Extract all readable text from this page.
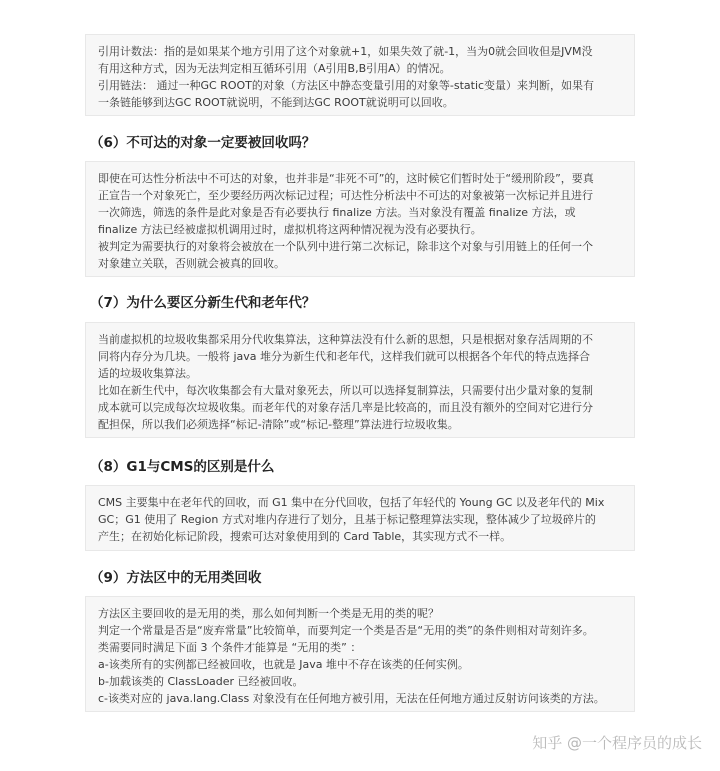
引用计数法：指的是如果某个地方引用了这个对象就+1，如果失效了就-1，当为0就会回收但是JVM没
有用这种方式，因为无法判定相互循环引用（A引用B,B引用A）的情况。
引用链法： 通过一种GC ROOT的对象（方法区中静态变量引用的对象等-static变量）来判断，如果有
一条链能够到达GC ROOT就说明，不能到达GC ROOT就说明可以回收。
（6）不可达的对象一定要被回收吗？
即使在可达性分析法中不可达的对象，也并非是“非死不可”的，这时候它们暂时处于“缓刑阶段”，要真
正宣告一个对象死亡，至少要经历两次标记过程；可达性分析法中不可达的对象被第一次标记并且进行
一次筛选，筛选的条件是此对象是否有必要执行 finalize 方法。当对象没有覆盖 finalize 方法，或
finalize 方法已经被虚拟机调用过时，虚拟机将这两种情况视为没有必要执行。
被判定为需要执行的对象将会被放在一个队列中进行第二次标记，除非这个对象与引用链上的任何一个
对象建立关联，否则就会被真的回收。
（7）为什么要区分新生代和老年代？
当前虚拟机的垃圾收集都采用分代收集算法，这种算法没有什么新的思想，只是根据对象存活周期的不
同将内存分为几块。一般将 java 堆分为新生代和老年代，这样我们就可以根据各个年代的特点选择合
适的垃圾收集算法。
比如在新生代中，每次收集都会有大量对象死去，所以可以选择复制算法，只需要付出少量对象的复制
成本就可以完成每次垃圾收集。而老年代的对象存活几率是比较高的，而且没有额外的空间对它进行分
配担保，所以我们必须选择“标记-清除”或“标记-整理”算法进行垃圾收集。
（8）G1与CMS的区别是什么
CMS 主要集中在老年代的回收，而 G1 集中在分代回收，包括了年轻代的 Young GC 以及老年代的 Mix
GC；G1 使用了 Region 方式对堆内存进行了划分，且基于标记整理算法实现，整体减少了垃圾碎片的
产生；在初始化标记阶段，搜索可达对象使用到的 Card Table，其实现方式不一样。
（9）方法区中的无用类回收
方法区主要回收的是无用的类，那么如何判断一个类是无用的类的呢？
判定一个常量是否是“废弃常量”比较简单，而要判定一个类是否是“无用的类”的条件则相对苛刻许多。
类需要同时满足下面 3 个条件才能算是 “无用的类” ：
a-该类所有的实例都已经被回收，也就是 Java 堆中不存在该类的任何实例。
b-加载该类的 ClassLoader 已经被回收。
c-该类对应的 java.lang.Class 对象没有在任何地方被引用，无法在任何地方通过反射访问该类的方法。
知乎 @一个程序员的成长
